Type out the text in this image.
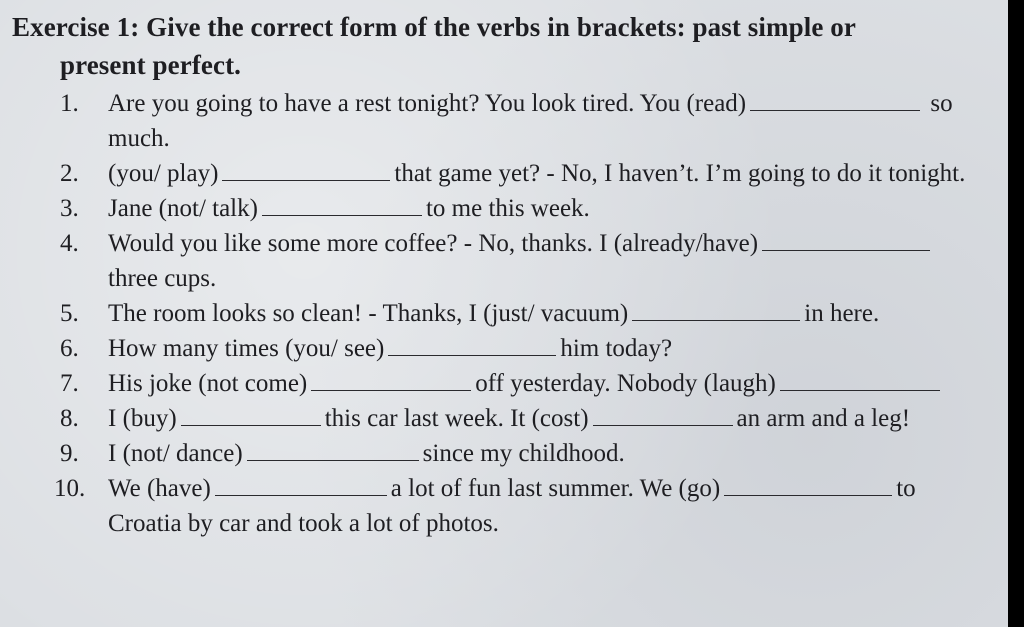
Exercise 1: Give the correct form of the verbs in brackets: past simple or
present perfect.

1.	Are you going to have a rest tonight? You look tired. You (read)	so much.

2.	(you/ play)	that game yet? - No, I haven’t. I’m going to do it tonight.

3.	Jane (not/ talk)	to me this week.

4.	Would you like some more coffee? - No, thanks. I (already/have) three cups.

5.	The room looks so clean! - Thanks, I (just/ vacuum)	in here.

6.	How many times (you/ see)	him today?

7.	His joke (not come)	off yesterday. Nobody (laugh)

8.	I (buy)	this car last week. It (cost)	an arm and a leg!

9.	I (not/ dance)	since my childhood.

10. We (have)	a lot of fun last summer. We (go)	to Croatia by car and took a lot of photos.
